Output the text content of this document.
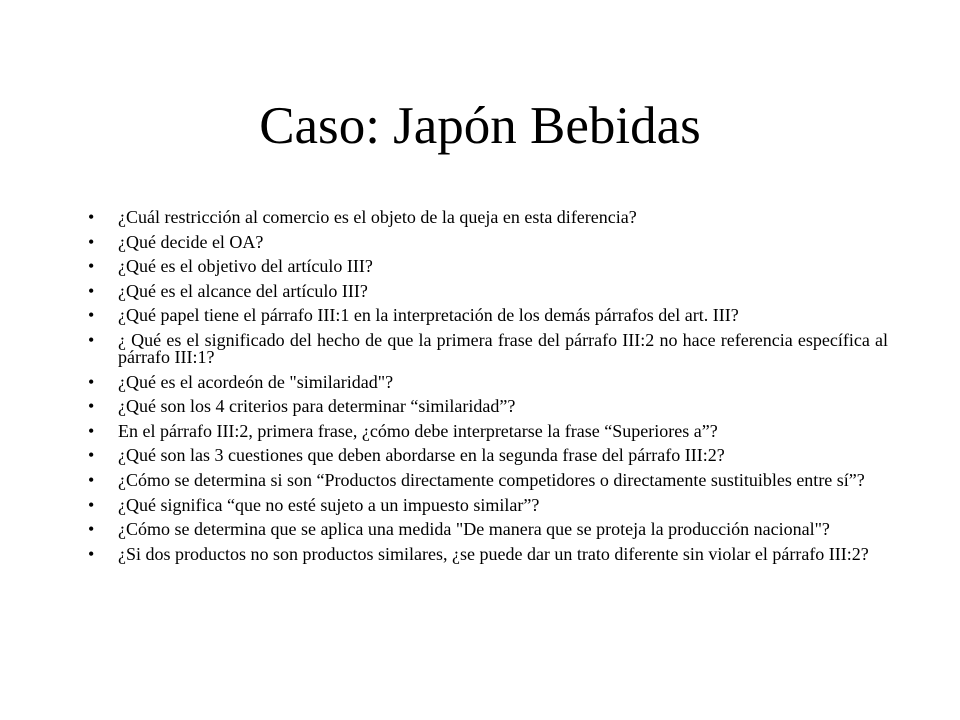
Caso: Japón Bebidas
• ¿Cuál restricción al comercio es el objeto de la queja en esta diferencia?
• ¿Qué decide el OA?
• ¿Qué es el objetivo del artículo III?
• ¿Qué es el alcance del artículo III?
• ¿Qué papel tiene el párrafo III:1 en la interpretación de los demás párrafos del art. III?
• ¿ Qué es el significado del hecho de que la primera frase del párrafo III:2 no hace referencia específica al párrafo III:1?
• ¿Qué es el acordeón de "similaridad"?
• ¿Qué son los 4 criterios para determinar “similaridad”?
• En el párrafo III:2, primera frase, ¿cómo debe interpretarse la frase “Superiores a”?
• ¿Qué son las 3 cuestiones que deben abordarse en la segunda frase del párrafo III:2?
• ¿Cómo se determina si son “Productos directamente competidores o directamente sustituibles entre sí”?
• ¿Qué significa “que no esté sujeto a un impuesto similar”?
• ¿Cómo se determina que se aplica una medida "De manera que se proteja la producción nacional"?
• ¿Si dos productos no son productos similares, ¿se puede dar un trato diferente sin violar el párrafo III:2?
